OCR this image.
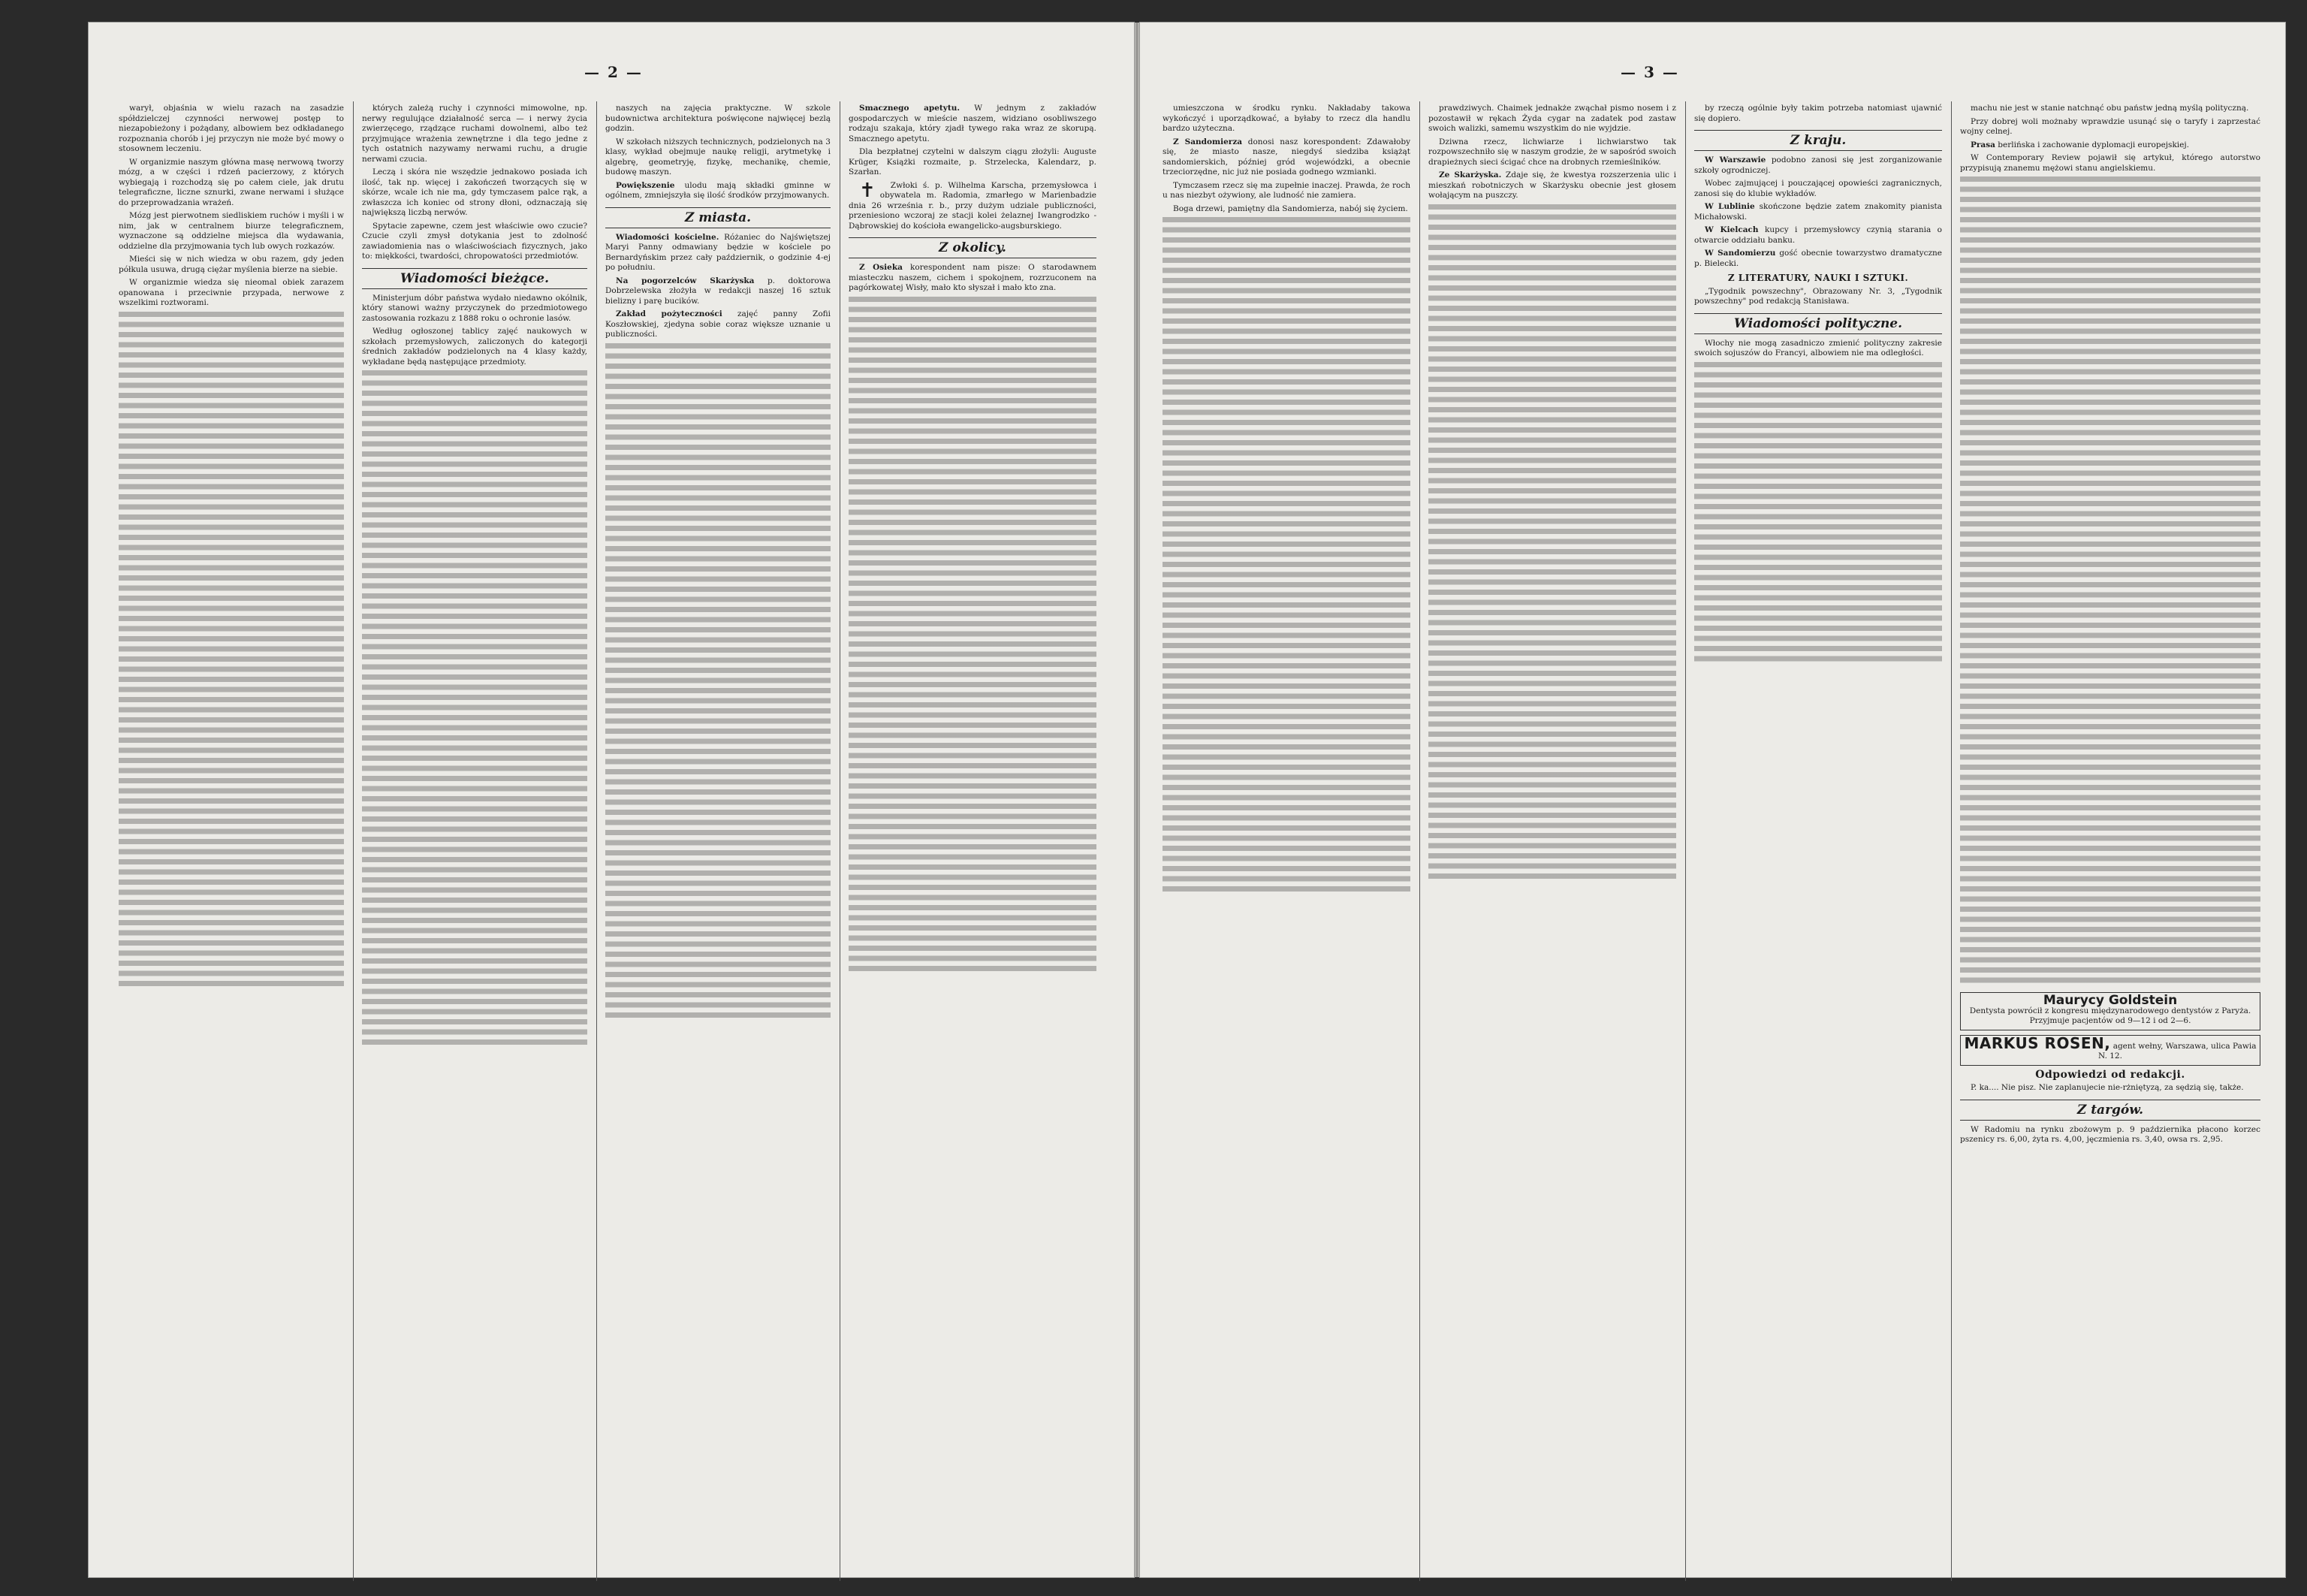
— 2 —

warył, objaśnia w wielu razach na zasadzie spółdzielczej czynności nerwowej postęp to niezapobieżony i pożądany, albowiem bez odkładanego rozpoznania chorób i jej przyczyn nie może być mowy o stosownem leczeniu.

W organizmie naszym główna masę nerwową tworzy mózg, a w części i rdzeń pacierzowy, z których wybiegają i rozchodzą się po całem ciele, jak drutu telegraficzne, liczne sznurki, zwane nerwami i służące do przeprowadzania wrażeń.

Mózg jest pierwotnem siedliskiem ruchów i myśli i w nim, jak w centralnem biurze telegraficznem, wyznaczone są oddzielne miejsca dla wydawania, oddzielne dla przyjmowania tych lub owych rozkazów.

Mieści się w nich wiedza w obu razem, gdy jeden półkula usuwa, drugą ciężar myślenia bierze na siebie.

W organizmie wiedza się nieomal obiek zarazem opanowana i przeciwnie przypada, nerwowe z wszelkimi roztworami.

których zależą ruchy i czynności mimowolne, np. nerwy regulujące działalność serca — i nerwy życia zwierzęcego, rządzące ruchami dowolnemi, albo też przyjmujące wrażenia zewnętrzne i dla tego jedne z tych ostatnich nazywamy nerwami ruchu, a drugie nerwami czucia.

Leczą i skóra nie wszędzie jednakowo posiada ich ilość, tak np. więcej i zakończeń tworzących się w skórze, wcale ich nie ma, gdy tymczasem palce rąk, a zwłaszcza ich koniec od strony dłoni, odznaczają się największą liczbą nerwów.

Spytacie zapewne, czem jest właściwie owo czucie? Czucie czyli zmysł dotykania jest to zdolność zawiadomienia nas o wlaściwościach fizycznych, jako to: miękkości, twardości, chropowatości przedmiotów.

Wiadomości bieżące.

Ministerjum dóbr państwa wydało niedawno okólnik, który stanowi ważny przyczynek do przedmiotowego zastosowania rozkazu z 1888 roku o ochronie lasów.

Według ogłoszonej tablicy zajęć naukowych w szkołach przemysłowych, zaliczonych do kategorji średnich zakładów podzielonych na 4 klasy każdy, wykładane będą następujące przedmioty.

naszych na zajęcia praktyczne. W szkole budownictwa architektura poświęcone najwięcej bezlą godzin.

W szkołach niższych technicznych, podzielonych na 3 klasy, wykład obejmuje naukę religji, arytmetykę i algebrę, geometryję, fizykę, mechanikę, chemie, budowę maszyn.

Powiększenie ulodu mają składki gminne w ogólnem, zmniejszyła się ilość środków przyjmowanych.

Z miasta.

Wiadomości kościelne. Różaniec do Najświętszej Maryi Panny odmawiany będzie w kościele po Bernardyńskim przez cały październik, o godzinie 4-ej po południu.

Na pogorzelców Skarżyska p. doktorowa Dobrzelewska złożyła w redakcji naszej 16 sztuk bielizny i parę bucików.

Zakład pożyteczności zajęć panny Zofii Koszłowskiej, zjedyna sobie coraz większe uznanie u publiczności.

Smacznego apetytu. W jednym z zakładów gospodarczych w mieście naszem, widziano osobliwszego rodzaju szakaja, który zjadł tywego raka wraz ze skorupą. Smacznego apetytu.

Dla bezpłatnej czytelni w dalszym ciągu złożyli: Auguste Krüger, Książki rozmaite, p. Strzelecka, Kalendarz, p. Szarłan.

✝ Zwłoki ś. p. Wilhelma Karscha, przemysłowca i obywatela m. Radomia, zmarłego w Marienbadzie dnia 26 września r. b., przy dużym udziale publiczności, przeniesiono wczoraj ze stacji kolei żelaznej Iwangrodzko - Dąbrowskiej do kościoła ewangelicko-augsburskiego.

Z okolicy.

Z Osieka korespondent nam pisze: O starodawnem miasteczku naszem, cichem i spokojnem, rozrzuconem na pagórkowatej Wisły, mało kto słyszał i mało kto zna.

— 3 —

umieszczona w środku rynku. Nakładaby takowa wykończyć i uporządkować, a byłaby to rzecz dla handlu bardzo użyteczna.

Z Sandomierza donosi nasz korespondent: Zdawałoby się, że miasto nasze, niegdyś siedziba książąt sandomierskich, później gród wojewódzki, a obecnie trzeciorzędne, nic już nie posiada godnego wzmianki.

Tymczasem rzecz się ma zupełnie inaczej. Prawda, że roch u nas niezbyt ożywiony, ale ludność nie zamiera.

Boga drzewi, pamiętny dla Sandomierza, nabój się życiem.

prawdziwych. Chaimek jednakże zwąchał pismo nosem i z pozostawił w rękach Żyda cygar na zadatek pod zastaw swoich walizki, samemu wszystkim do nie wyjdzie.

Dziwna rzecz, lichwiarze i lichwiarstwo tak rozpowszechniło się w naszym grodzie, że w sapośród swoich drapieżnych sieci ścigać chce na drobnych rzemieślników.

Ze Skarżyska. Zdaje się, że kwestya rozszerzenia ulic i mieszkań robotniczych w Skarżysku obecnie jest głosem wołającym na puszczy.

by rzeczą ogólnie były takim potrzeba natomiast ujawnić się dopiero.

Z kraju.

W Warszawie podobno zanosi się jest zorganizowanie szkoły ogrodniczej.

Wobec zajmującej i pouczającej opowieści zagranicznych, zanosi się do klubie wykładów.

W Lublinie skończone będzie zatem znakomity pianista Michałowski.

W Kielcach kupcy i przemysłowcy czynią starania o otwarcie oddziału banku.

W Sandomierzu gość obecnie towarzystwo dramatyczne p. Bielecki.

Z LITERATURY, NAUKI I SZTUKI.

„Tygodnik powszechny", Obrazowany Nr. 3, „Tygodnik powszechny" pod redakcją Stanisława.

Wiadomości polityczne.

Włochy nie mogą zasadniczo zmienić polityczny zakresie swoich sojuszów do Francyi, albowiem nie ma odległości.

machu nie jest w stanie natchnąć obu państw jedną myślą polityczną.

Przy dobrej woli możnaby wprawdzie usunąć się o taryfy i zaprzestać wojny celnej.

Prasa berlińska i zachowanie dyplomacji europejskiej.

W Contemporary Review pojawił się artykuł, którego autorstwo przypisują znanemu mężowi stanu angielskiemu.

Maurycy Goldstein
Dentysta powrócił z kongresu międzynarodowego dentystów z Paryża. Przyjmuje pacjentów od 9—12 i od 2—6.
MARKUS ROSEN, agent wełny, Warszawa, ulica Pawia N. 12.
Odpowiedzi od redakcji.

P. ka.... Nie pisz. Nie zaplanujecie nie-rżniętyzą, za sędzią się, także.

Z targów.

W Radomiu na rynku zbożowym p. 9 października płacono korzec pszenicy rs. 6,00, żyta rs. 4,00, jęczmienia rs. 3,40, owsa rs. 2,95.
